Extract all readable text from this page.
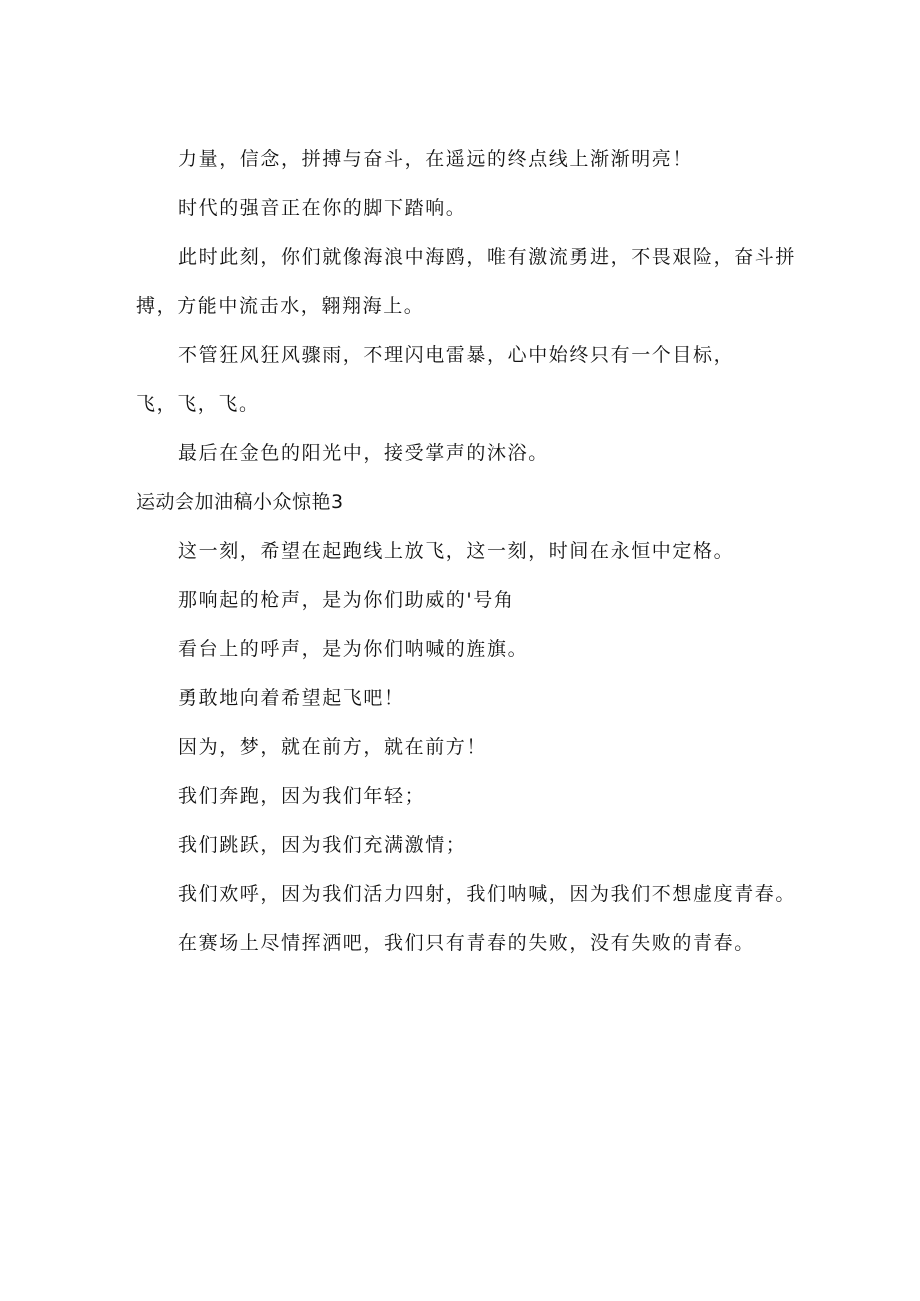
力量，信念，拼搏与奋斗，在遥远的终点线上渐渐明亮！
时代的强音正在你的脚下踏响。
此时此刻，你们就像海浪中海鸥，唯有激流勇进，不畏艰险，奋斗拼
搏，方能中流击水，翱翔海上。
不管狂风狂风骤雨，不理闪电雷暴，心中始终只有一个目标，
飞，飞，飞。
最后在金色的阳光中，接受掌声的沐浴。
运动会加油稿小众惊艳3
这一刻，希望在起跑线上放飞，这一刻，时间在永恒中定格。
那响起的枪声，是为你们助威的'号角
看台上的呼声，是为你们呐喊的旌旗。
勇敢地向着希望起飞吧！
因为，梦，就在前方，就在前方！
我们奔跑，因为我们年轻；
我们跳跃，因为我们充满激情；
我们欢呼，因为我们活力四射，我们呐喊，因为我们不想虚度青春。
在赛场上尽情挥洒吧，我们只有青春的失败，没有失败的青春。
